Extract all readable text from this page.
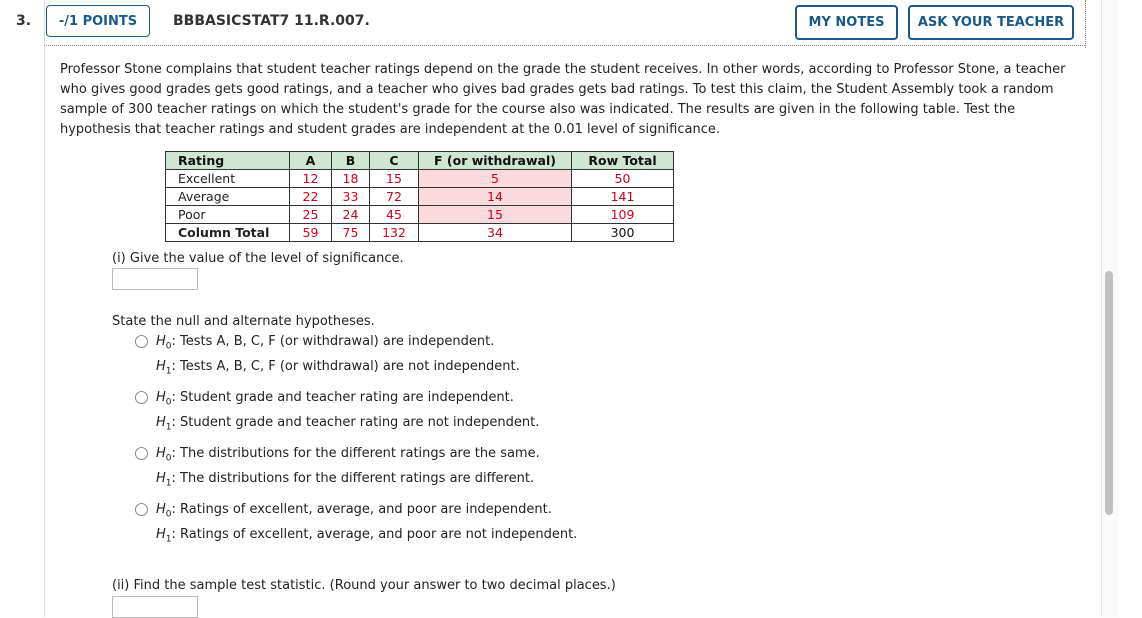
3.	-/1 POINTS	BBBASICSTAT7 11.R.007.	MY NOTES	ASK YOUR TEACHER
Professor Stone complains that student teacher ratings depend on the grade the student receives. In other words, according to Professor Stone, a teacher who gives good grades gets good ratings, and a teacher who gives bad grades gets bad ratings. To test this claim, the Student Assembly took a random sample of 300 teacher ratings on which the student's grade for the course also was indicated. The results are given in the following table. Test the hypothesis that teacher ratings and student grades are independent at the 0.01 level of significance.
Rating	A	B	C	F (or withdrawal)	Row Total
Excellent	12	18	15	5	50
Average	22	33	72	14	141
Poor	25	24	45	15	109
Column Total	59	75	132	34	300
(i) Give the value of the level of significance.
State the null and alternate hypotheses.
$H_0$: Tests A, B, C, F (or withdrawal) are independent.
$H_1$: Tests A, B, C, F (or withdrawal) are not independent.
$H_0$: Student grade and teacher rating are independent.
$H_1$: Student grade and teacher rating are not independent.
$H_0$: The distributions for the different ratings are the same.
$H_1$: The distributions for the different ratings are different.
$H_0$: Ratings of excellent, average, and poor are independent.
$H_1$: Ratings of excellent, average, and poor are not independent.
(ii) Find the sample test statistic. (Round your answer to two decimal places.)
